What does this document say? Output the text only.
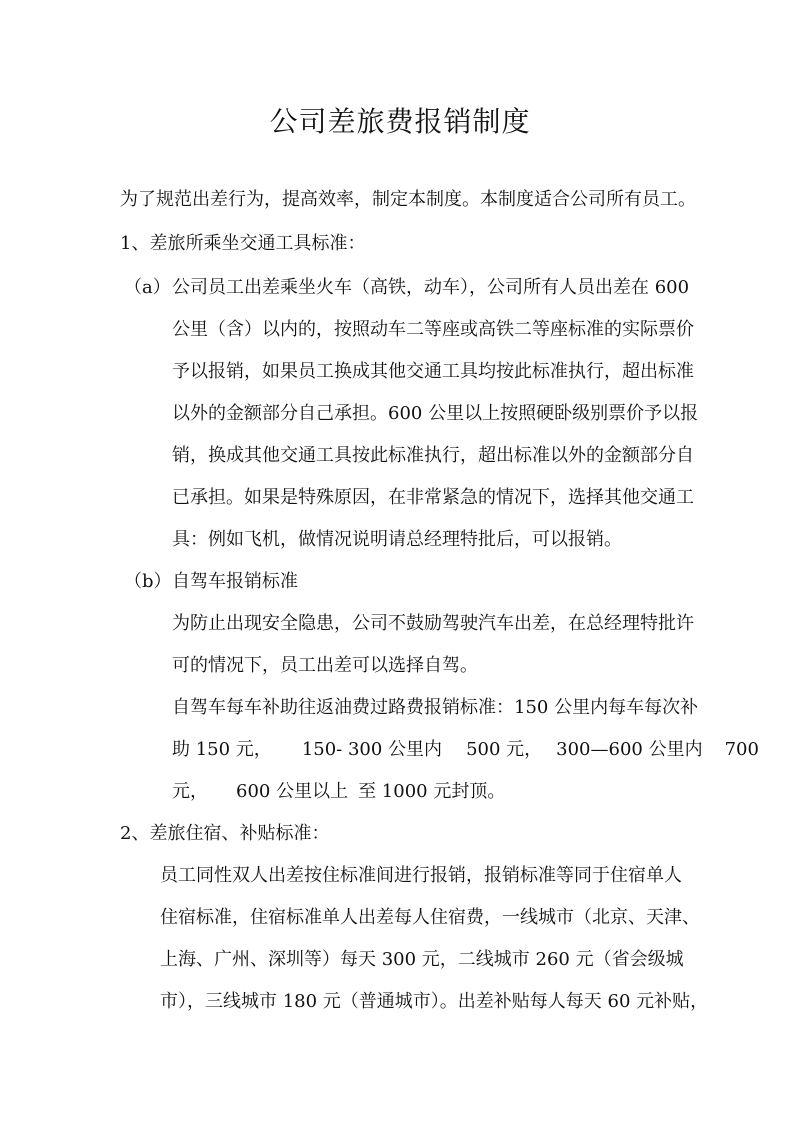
公司差旅费报销制度
为了规范出差行为，提高效率，制定本制度。本制度适合公司所有员工。
1、差旅所乘坐交通工具标准：
（a） 公司员工出差乘坐火车（高铁，动车），公司所有人员出差在 600
公里（含）以内的，按照动车二等座或高铁二等座标准的实际票价
予以报销，如果员工换成其他交通工具均按此标准执行，超出标准
以外的金额部分自己承担。600 公里以上按照硬卧级别票价予以报
销，换成其他交通工具按此标准执行，超出标准以外的金额部分自
已承担。如果是特殊原因，在非常紧急的情况下，选择其他交通工
具：例如飞机，做情况说明请总经理特批后，可以报销。
（b） 自驾车报销标准
为防止出现安全隐患，公司不鼓励驾驶汽车出差，在总经理特批许
可的情况下，员工出差可以选择自驾。
自驾车每车补助往返油费过路费报销标准：150 公里内每车每次补
助 150 元， 150- 300 公里内 500 元， 300—600 公里内 700
元， 600 公里以上 至 1000 元封顶。
2、差旅住宿、补贴标准：
员工同性双人出差按住标准间进行报销，报销标准等同于住宿单人
住宿标准，住宿标准单人出差每人住宿费，一线城市（北京、天津、
上海、广州、深圳等）每天 300 元，二线城市 260 元（省会级城
市），三线城市 180 元（普通城市）。出差补贴每人每天 60 元补贴，
